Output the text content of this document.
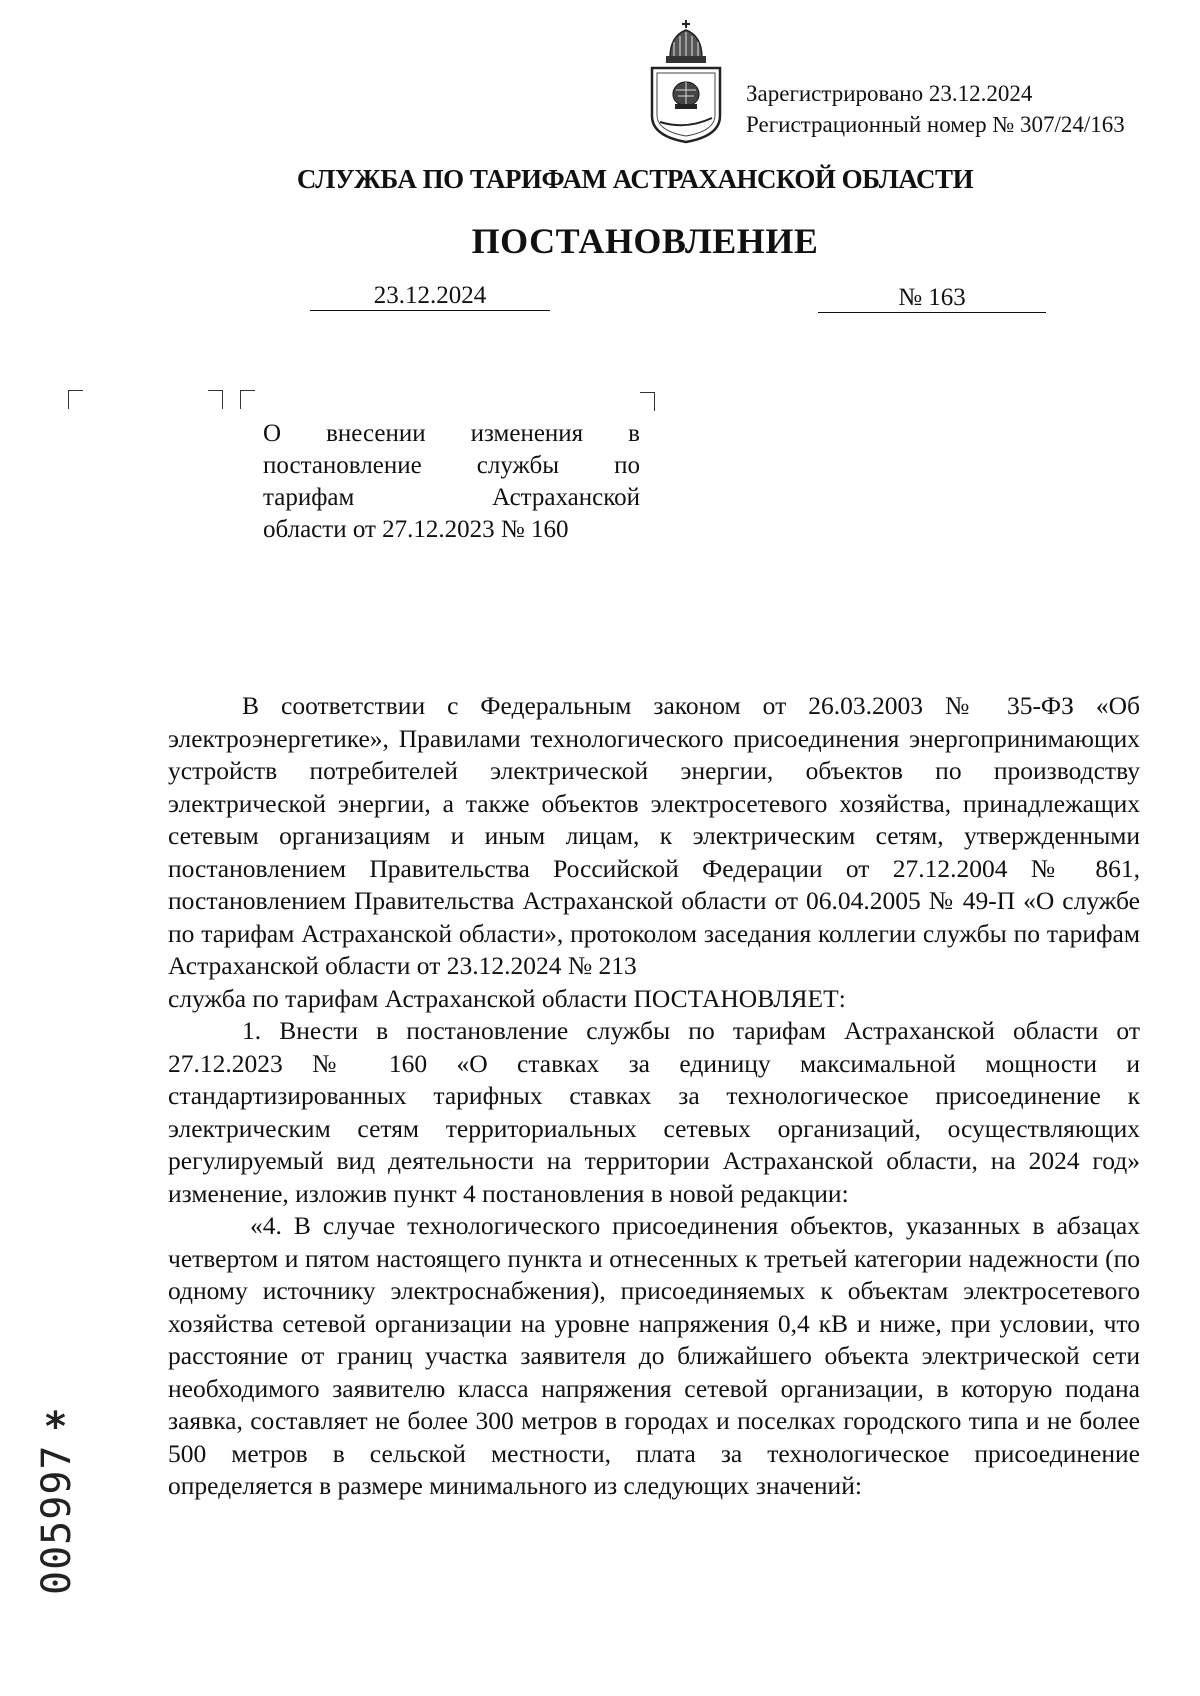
Зарегистрировано 23.12.2024
Регистрационный номер № 307/24/163
СЛУЖБА ПО ТАРИФАМ АСТРАХАНСКОЙ ОБЛАСТИ
ПОСТАНОВЛЕНИЕ
23.12.2024	№ 163
О внесении изменения в
постановление службы по
тарифам Астраханской
области от 27.12.2023 № 160

В соответствии с Федеральным законом от 26.03.2003 № 35-ФЗ «Об электроэнергетике», Правилами технологического присоединения энергопринимающих устройств потребителей электрической энергии, объектов по производству электрической энергии, а также объектов электросетевого хозяйства, принадлежащих сетевым организациям и иным лицам, к электрическим сетям, утвержденными постановлением Правительства Российской Федерации от 27.12.2004 № 861, постановлением Правительства Астраханской области от 06.04.2005 № 49-П «О службе по тарифам Астраханской области», протоколом заседания коллегии службы по тарифам Астраханской области от 23.12.2024 № 213

служба по тарифам Астраханской области ПОСТАНОВЛЯЕТ:

1. Внести в постановление службы по тарифам Астраханской области от 27.12.2023 № 160 «О ставках за единицу максимальной мощности и стандартизированных тарифных ставках за технологическое присоединение к электрическим сетям территориальных сетевых организаций, осуществляющих регулируемый вид деятельности на территории Астраханской области, на 2024 год» изменение, изложив пункт 4 постановления в новой редакции:

«4. В случае технологического присоединения объектов, указанных в абзацах четвертом и пятом настоящего пункта и отнесенных к третьей категории надежности (по одному источнику электроснабжения), присоединяемых к объектам электросетевого хозяйства сетевой организации на уровне напряжения 0,4 кВ и ниже, при условии, что расстояние от границ участка заявителя до ближайшего объекта электрической сети необходимого заявителю класса напряжения сетевой организации, в которую подана заявка, составляет не более 300 метров в городах и поселках городского типа и не более 500 метров в сельской местности, плата за технологическое присоединение определяется в размере минимального из следующих значений:

*
005997
